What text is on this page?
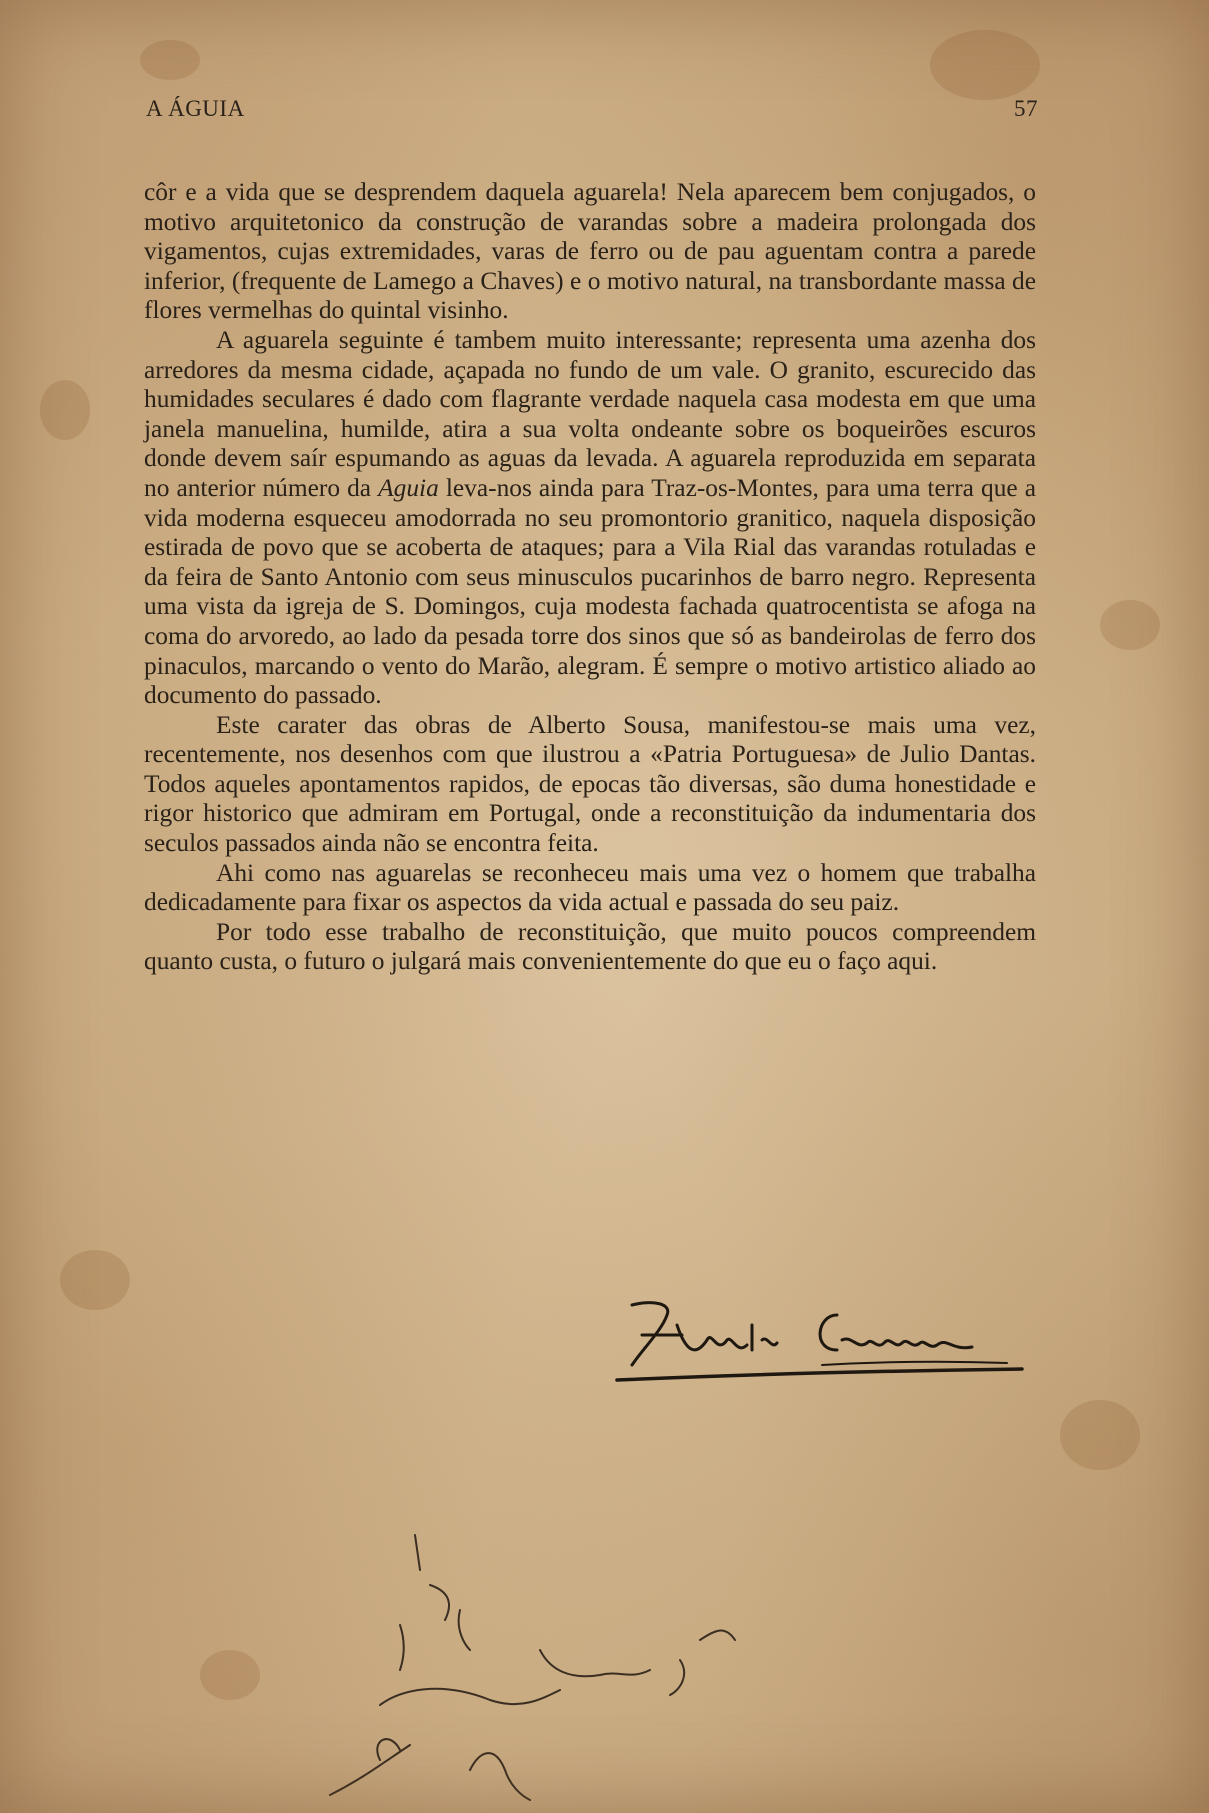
A ÁGUIA	57

côr e a vida que se desprendem daquela aguarela! Nela aparecem bem conjugados, o motivo arquitetonico da construção de varandas sobre a madeira prolongada dos vigamentos, cujas extremidades, varas de ferro ou de pau aguentam contra a parede inferior, (frequente de Lamego a Chaves) e o motivo natural, na transbordante massa de flores vermelhas do quintal visinho.

A aguarela seguinte é tambem muito interessante; representa uma azenha dos arredores da mesma cidade, açapada no fundo de um vale. O granito, escurecido das humidades seculares é dado com flagrante verdade naquela casa modesta em que uma janela manuelina, humilde, atira a sua volta ondeante sobre os boqueirões escuros donde devem saír espumando as aguas da levada. A aguarela reproduzida em separata no anterior número da Aguia leva-nos ainda para Traz-os-Montes, para uma terra que a vida moderna esqueceu amodorrada no seu promontorio granitico, naquela disposição estirada de povo que se acoberta de ataques; para a Vila Rial das varandas rotuladas e da feira de Santo Antonio com seus minusculos pucarinhos de barro negro. Representa uma vista da igreja de S. Domingos, cuja modesta fachada quatrocentista se afoga na coma do arvoredo, ao lado da pesada torre dos sinos que só as bandeirolas de ferro dos pinaculos, marcando o vento do Marão, alegram. É sempre o motivo artistico aliado ao documento do passado.

Este carater das obras de Alberto Sousa, manifestou-se mais uma vez, recentemente, nos desenhos com que ilustrou a «Patria Portuguesa» de Julio Dantas. Todos aqueles apontamentos rapidos, de epocas tão diversas, são duma honestidade e rigor historico que admiram em Portugal, onde a reconstituição da indumentaria dos seculos passados ainda não se encontra feita.

Ahi como nas aguarelas se reconheceu mais uma vez o homem que trabalha dedicadamente para fixar os aspectos da vida actual e passada do seu paiz.

Por todo esse trabalho de reconstituição, que muito poucos compreendem quanto custa, o futuro o julgará mais convenientemente do que eu o faço aqui.
